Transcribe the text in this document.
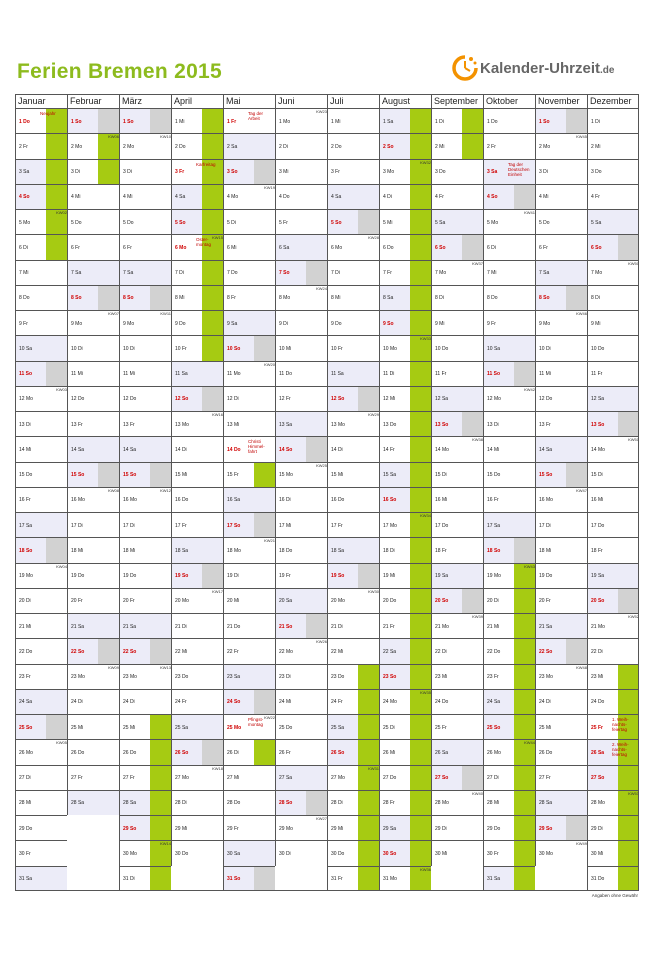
Ferien Bremen 2015	Kalender-Uhrzeit.de
Januar
1 Do
Neujahr
2 Fr
3 Sa
4 So
5 Mo
KW02
6 Di
7 Mi
8 Do
9 Fr
10 Sa
11 So
12 Mo
KW03
13 Di
14 Mi
15 Do
16 Fr
17 Sa
18 So
19 Mo
KW04
20 Di
21 Mi
22 Do
23 Fr
24 Sa
25 So
26 Mo
KW05
27 Di
28 Mi
29 Do
30 Fr
31 Sa
Februar
1 So
2 Mo
KW06
3 Di
4 Mi
5 Do
6 Fr
7 Sa
8 So
9 Mo
KW07
10 Di
11 Mi
12 Do
13 Fr
14 Sa
15 So
16 Mo
KW08
17 Di
18 Mi
19 Do
20 Fr
21 Sa
22 So
23 Mo
KW09
24 Di
25 Mi
26 Do
27 Fr
28 Sa
März
1 So
2 Mo
KW10
3 Di
4 Mi
5 Do
6 Fr
7 Sa
8 So
9 Mo
KW11
10 Di
11 Mi
12 Do
13 Fr
14 Sa
15 So
16 Mo
KW12
17 Di
18 Mi
19 Do
20 Fr
21 Sa
22 So
23 Mo
KW13
24 Di
25 Mi
26 Do
27 Fr
28 Sa
29 So
30 Mo
KW14
31 Di
April
1 Mi
2 Do
3 Fr
Karfreitag
4 Sa
5 So
6 Mo
Oster-montag
KW15
7 Di
8 Mi
9 Do
10 Fr
11 Sa
12 So
13 Mo
KW16
14 Di
15 Mi
16 Do
17 Fr
18 Sa
19 So
20 Mo
KW17
21 Di
22 Mi
23 Do
24 Fr
25 Sa
26 So
27 Mo
KW18
28 Di
29 Mi
30 Do
Mai
1 Fr
Tag der Arbeit
2 Sa
3 So
4 Mo
KW19
5 Di
6 Mi
7 Do
8 Fr
9 Sa
10 So
11 Mo
KW20
12 Di
13 Mi
14 Do
Christi Himmel-fahrt
15 Fr
16 Sa
17 So
18 Mo
KW21
19 Di
20 Mi
21 Do
22 Fr
23 Sa
24 So
25 Mo
Pfingst-montag
KW22
26 Di
27 Mi
28 Do
29 Fr
30 Sa
31 So
Juni
1 Mo
KW23
2 Di
3 Mi
4 Do
5 Fr
6 Sa
7 So
8 Mo
KW24
9 Di
10 Mi
11 Do
12 Fr
13 Sa
14 So
15 Mo
KW25
16 Di
17 Mi
18 Do
19 Fr
20 Sa
21 So
22 Mo
KW26
23 Di
24 Mi
25 Do
26 Fr
27 Sa
28 So
29 Mo
KW27
30 Di
Juli
1 Mi
2 Do
3 Fr
4 Sa
5 So
6 Mo
KW28
7 Di
8 Mi
9 Do
10 Fr
11 Sa
12 So
13 Mo
KW29
14 Di
15 Mi
16 Do
17 Fr
18 Sa
19 So
20 Mo
KW30
21 Di
22 Mi
23 Do
24 Fr
25 Sa
26 So
27 Mo
KW31
28 Di
29 Mi
30 Do
31 Fr
August
1 Sa
2 So
3 Mo
KW32
4 Di
5 Mi
6 Do
7 Fr
8 Sa
9 So
10 Mo
KW33
11 Di
12 Mi
13 Do
14 Fr
15 Sa
16 So
17 Mo
KW34
18 Di
19 Mi
20 Do
21 Fr
22 Sa
23 So
24 Mo
KW35
25 Di
26 Mi
27 Do
28 Fr
29 Sa
30 So
31 Mo
KW36
September
1 Di
2 Mi
3 Do
4 Fr
5 Sa
6 So
7 Mo
KW37
8 Di
9 Mi
10 Do
11 Fr
12 Sa
13 So
14 Mo
KW38
15 Di
16 Mi
17 Do
18 Fr
19 Sa
20 So
21 Mo
KW39
22 Di
23 Mi
24 Do
25 Fr
26 Sa
27 So
28 Mo
KW40
29 Di
30 Mi
Oktober
1 Do
2 Fr
3 Sa
Tag der Deutschen Einheit
4 So
5 Mo
KW41
6 Di
7 Mi
8 Do
9 Fr
10 Sa
11 So
12 Mo
KW42
13 Di
14 Mi
15 Do
16 Fr
17 Sa
18 So
19 Mo
KW43
20 Di
21 Mi
22 Do
23 Fr
24 Sa
25 So
26 Mo
KW44
27 Di
28 Mi
29 Do
30 Fr
31 Sa
November
1 So
2 Mo
KW45
3 Di
4 Mi
5 Do
6 Fr
7 Sa
8 So
9 Mo
KW46
10 Di
11 Mi
12 Do
13 Fr
14 Sa
15 So
16 Mo
KW47
17 Di
18 Mi
19 Do
20 Fr
21 Sa
22 So
23 Mo
KW48
24 Di
25 Mi
26 Do
27 Fr
28 Sa
29 So
30 Mo
KW49
Dezember
1 Di
2 Mi
3 Do
4 Fr
5 Sa
6 So
7 Mo
KW50
8 Di
9 Mi
10 Do
11 Fr
12 Sa
13 So
14 Mo
KW51
15 Di
16 Mi
17 Do
18 Fr
19 Sa
20 So
21 Mo
KW52
22 Di
23 Mi
24 Do
25 Fr
1. Weih-nachts-feiertag
26 Sa
2. Weih-nachts-feiertag
27 So
28 Mo
KW53
29 Di
30 Mi
31 Do
Angaben ohne Gewähr
